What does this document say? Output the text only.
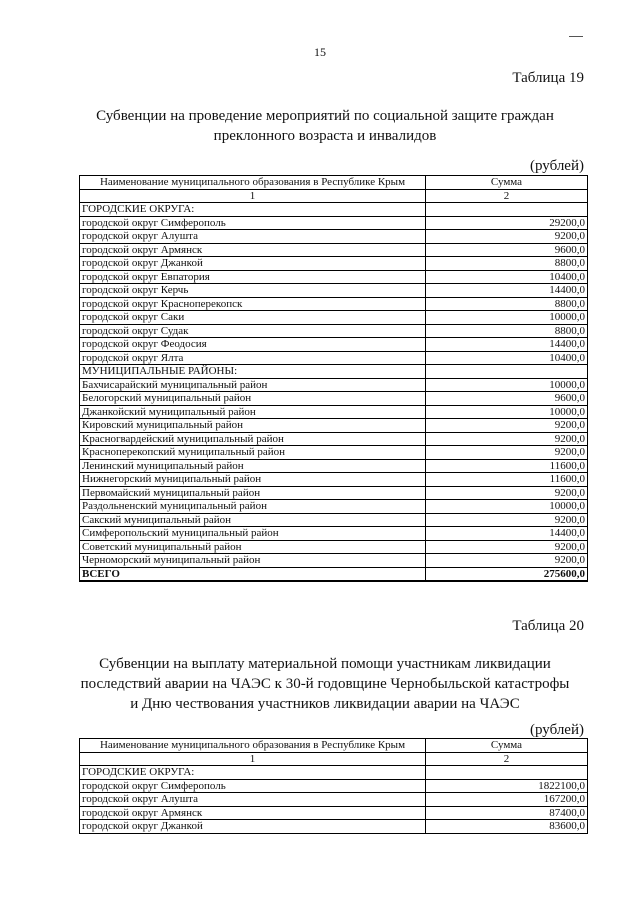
15
Таблица 19
Субвенции на проведение мероприятий по социальной защите граждан
преклонного возраста и инвалидов
(рублей)
Наименование муниципального образования в Республике Крым	Сумма
1	2
ГОРОДСКИЕ ОКРУГА:	
городской округ Симферополь	29200,0
городской округ Алушта	9200,0
городской округ Армянск	9600,0
городской округ Джанкой	8800,0
городской округ Евпатория	10400,0
городской округ Керчь	14400,0
городской округ Красноперекопск	8800,0
городской округ Саки	10000,0
городской округ Судак	8800,0
городской округ Феодосия	14400,0
городской округ Ялта	10400,0
МУНИЦИПАЛЬНЫЕ РАЙОНЫ:	
Бахчисарайский муниципальный район	10000,0
Белогорский муниципальный район	9600,0
Джанкойский муниципальный район	10000,0
Кировский муниципальный район	9200,0
Красногвардейский муниципальный район	9200,0
Красноперекопский муниципальный район	9200,0
Ленинский муниципальный район	11600,0
Нижнегорский муниципальный район	11600,0
Первомайский муниципальный район	9200,0
Раздольненский муниципальный район	10000,0
Сакский муниципальный район	9200,0
Симферопольский муниципальный район	14400,0
Советский муниципальный район	9200,0
Черноморский муниципальный район	9200,0
ВСЕГО	275600,0
Таблица 20
Субвенции на выплату материальной помощи участникам ликвидации
последствий аварии на ЧАЭС к 30-й годовщине Чернобыльской катастрофы
и Дню чествования участников ликвидации аварии на ЧАЭС
(рублей)
Наименование муниципального образования в Республике Крым	Сумма
1	2
ГОРОДСКИЕ ОКРУГА:	
городской округ Симферополь	1822100,0
городской округ Алушта	167200,0
городской округ Армянск	87400,0
городской округ Джанкой	83600,0
